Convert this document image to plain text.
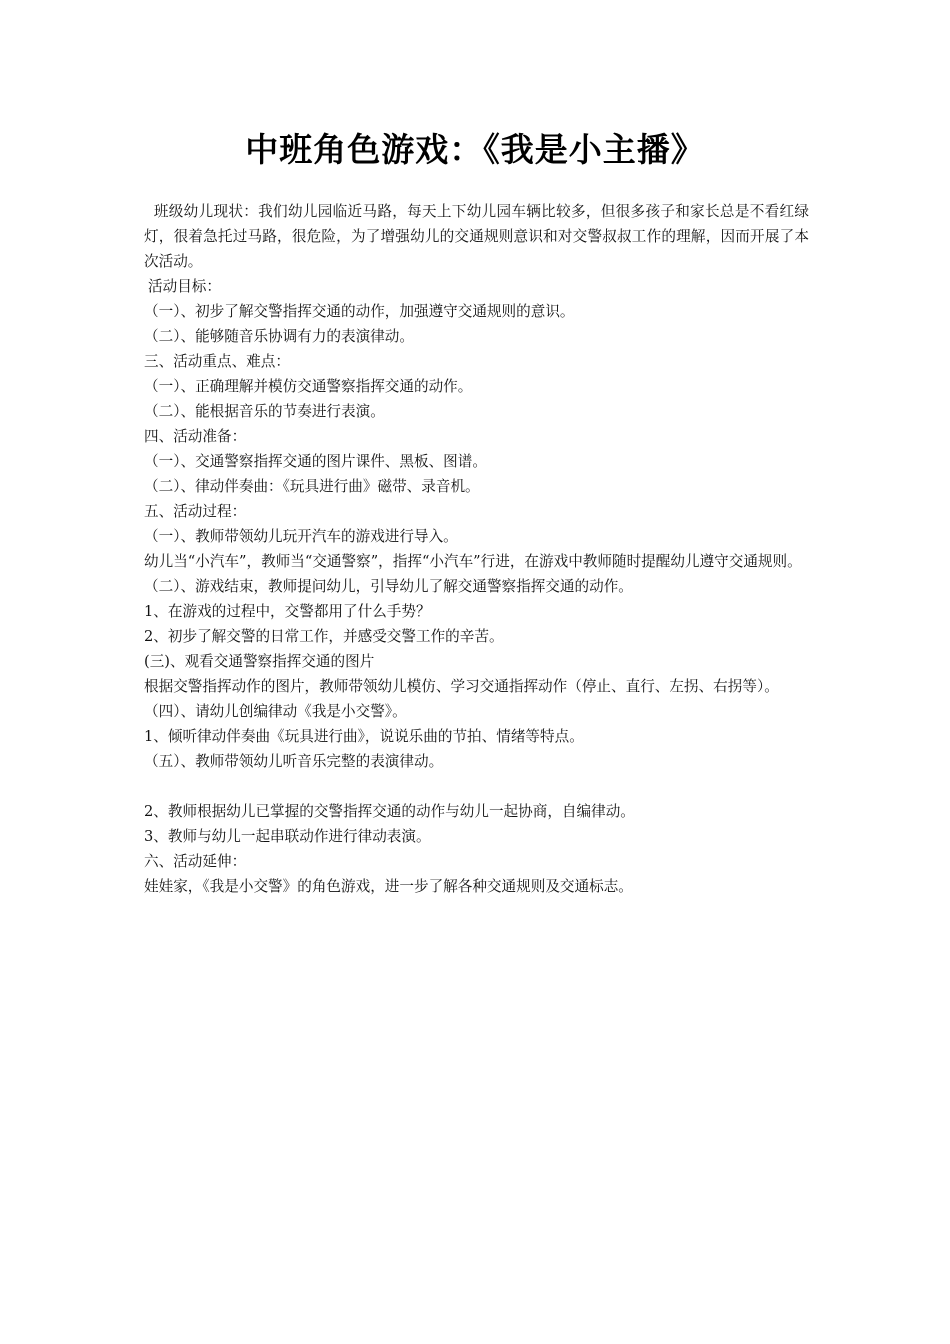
中班角色游戏：《我是小主播》
班级幼儿现状：我们幼儿园临近马路，每天上下幼儿园车辆比较多，但很多孩子和家长总是不看红绿灯，很着急托过马路，很危险，为了增强幼儿的交通规则意识和对交警叔叔工作的理解，因而开展了本次活动。
活动目标：
（一）、初步了解交警指挥交通的动作，加强遵守交通规则的意识。
（二）、能够随音乐协调有力的表演律动。
三、活动重点、难点：
（一）、正确理解并模仿交通警察指挥交通的动作。
（二）、能根据音乐的节奏进行表演。
四、活动准备：
（一）、交通警察指挥交通的图片课件、黑板、图谱。
（二）、律动伴奏曲：《玩具进行曲》磁带、录音机。
五、活动过程：
（一）、教师带领幼儿玩开汽车的游戏进行导入。
幼儿当“小汽车”，教师当“交通警察”，指挥“小汽车”行进，在游戏中教师随时提醒幼儿遵守交通规则。
（二）、游戏结束，教师提问幼儿，引导幼儿了解交通警察指挥交通的动作。
1、在游戏的过程中，交警都用了什么手势？
2、初步了解交警的日常工作，并感受交警工作的辛苦。
(三)、观看交通警察指挥交通的图片
根据交警指挥动作的图片，教师带领幼儿模仿、学习交通指挥动作（停止、直行、左拐、右拐等）。
（四）、请幼儿创编律动《我是小交警》。
1、倾听律动伴奏曲《玩具进行曲》，说说乐曲的节拍、情绪等特点。
（五）、教师带领幼儿听音乐完整的表演律动。
2、教师根据幼儿已掌握的交警指挥交通的动作与幼儿一起协商，自编律动。
3、教师与幼儿一起串联动作进行律动表演。
六、活动延伸：
娃娃家，《我是小交警》的角色游戏，进一步了解各种交通规则及交通标志。
